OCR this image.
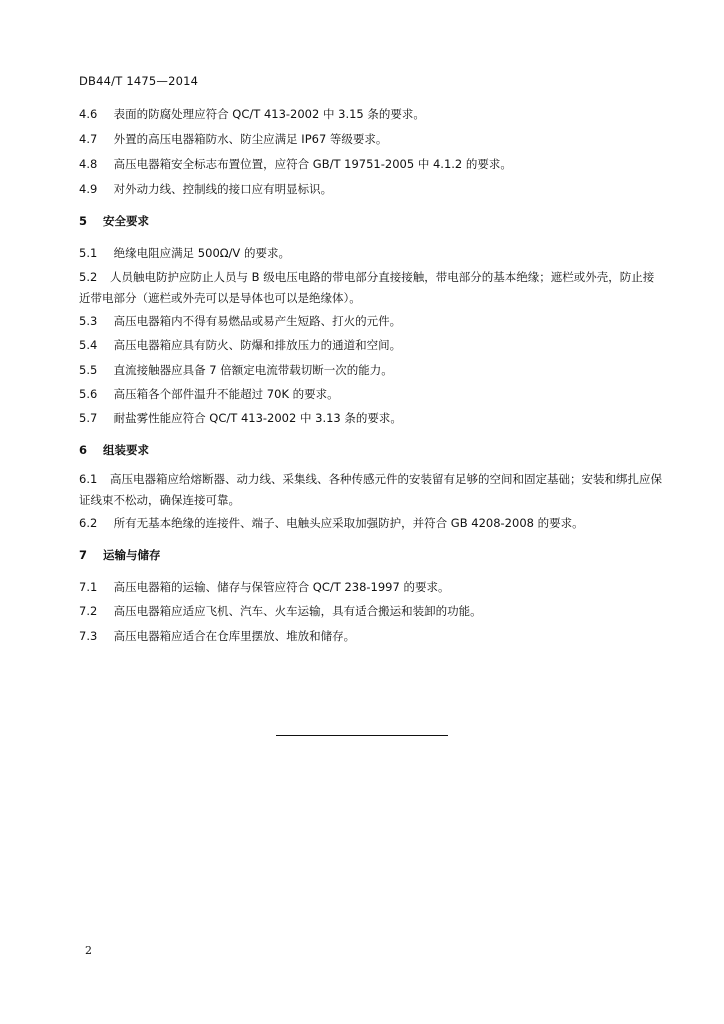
DB44/T 1475—2014
4.6 表面的防腐处理应符合 QC/T 413-2002 中 3.15 条的要求。
4.7 外置的高压电器箱防水、防尘应满足 IP67 等级要求。
4.8 高压电器箱安全标志布置位置，应符合 GB/T 19751-2005 中 4.1.2 的要求。
4.9 对外动力线、控制线的接口应有明显标识。
5 安全要求
5.1 绝缘电阻应满足 500Ω/V 的要求。
5.2 人员触电防护应防止人员与 B 级电压电路的带电部分直接接触，带电部分的基本绝缘；遮栏或外壳，防止接近带电部分（遮栏或外壳可以是导体也可以是绝缘体）。
5.3 高压电器箱内不得有易燃品或易产生短路、打火的元件。
5.4 高压电器箱应具有防火、防爆和排放压力的通道和空间。
5.5 直流接触器应具备 7 倍额定电流带载切断一次的能力。
5.6 高压箱各个部件温升不能超过 70K 的要求。
5.7 耐盐雾性能应符合 QC/T 413-2002 中 3.13 条的要求。
6 组装要求
6.1 高压电器箱应给熔断器、动力线、采集线、各种传感元件的安装留有足够的空间和固定基础；安装和绑扎应保证线束不松动，确保连接可靠。
6.2 所有无基本绝缘的连接件、端子、电触头应采取加强防护，并符合 GB 4208-2008 的要求。
7 运输与储存
7.1 高压电器箱的运输、储存与保管应符合 QC/T 238-1997 的要求。
7.2 高压电器箱应适应飞机、汽车、火车运输，具有适合搬运和装卸的功能。
7.3 高压电器箱应适合在仓库里摆放、堆放和储存。
2
